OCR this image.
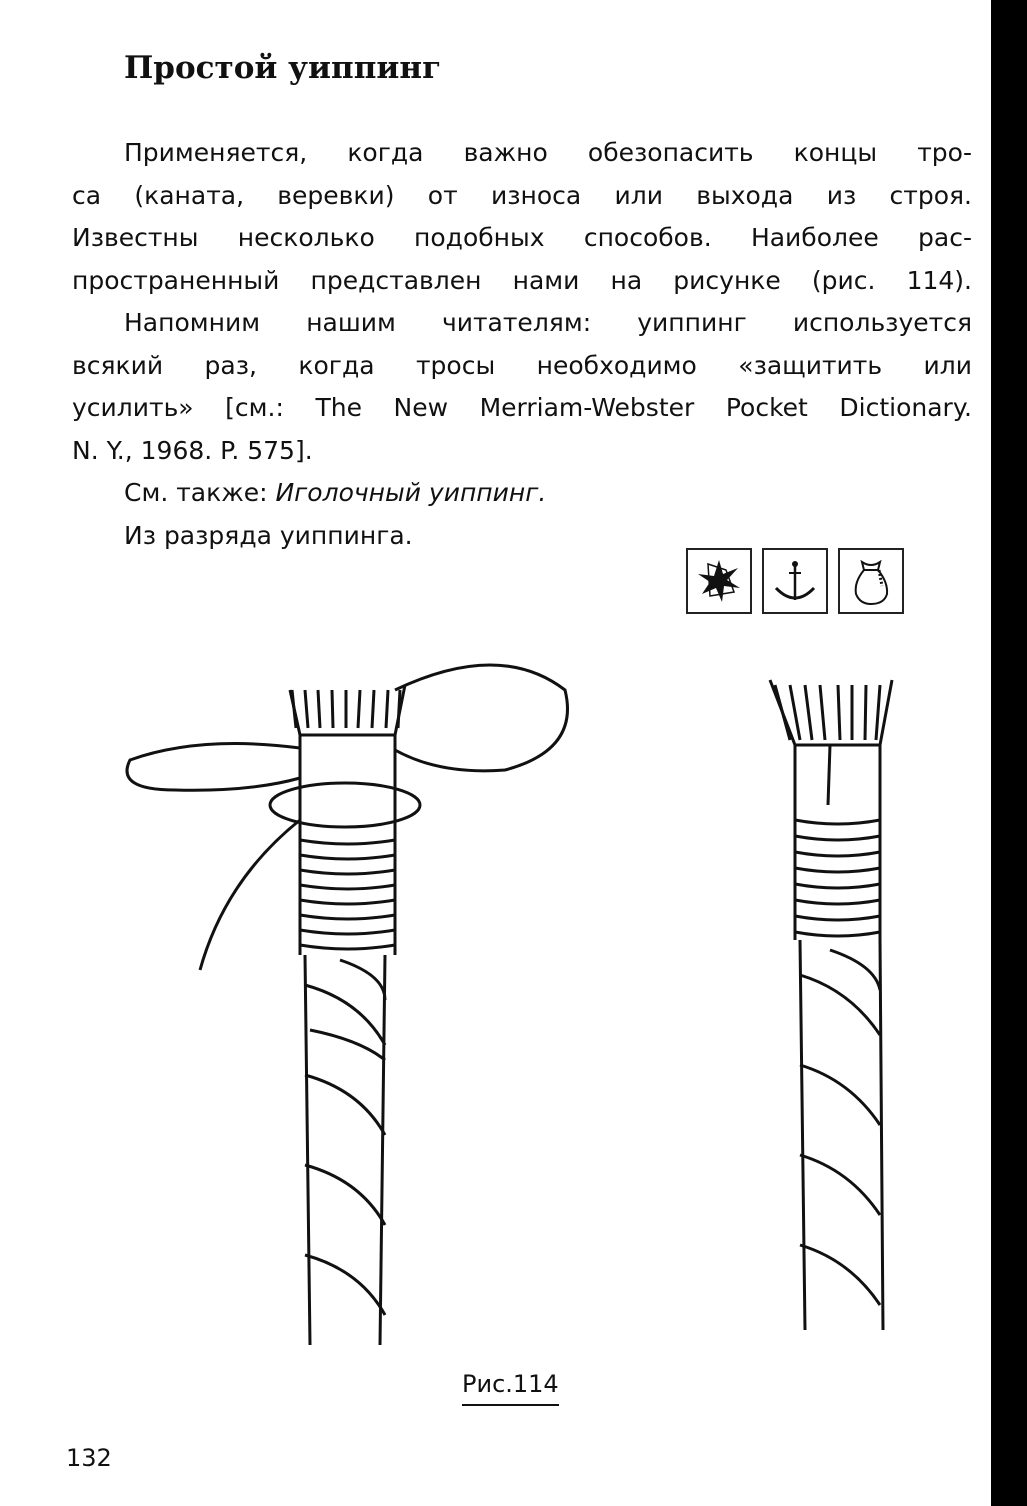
Простой уиппинг
Применяется, когда важно обезопасить концы тро-
са (каната, веревки) от износа или выхода из строя.
Известны несколько подобных способов. Наиболее рас-
пространенный представлен нами на рисунке (рис. 114).
Напомним нашим читателям: уиппинг используется
всякий раз, когда тросы необходимо «защитить или
усилить» [см.: The New Merriam-Webster Pocket Dictionary.
N. Y., 1968. P. 575].
См. также: Иголочный уиппинг.
Из разряда уиппинга.
Рис.114
132
